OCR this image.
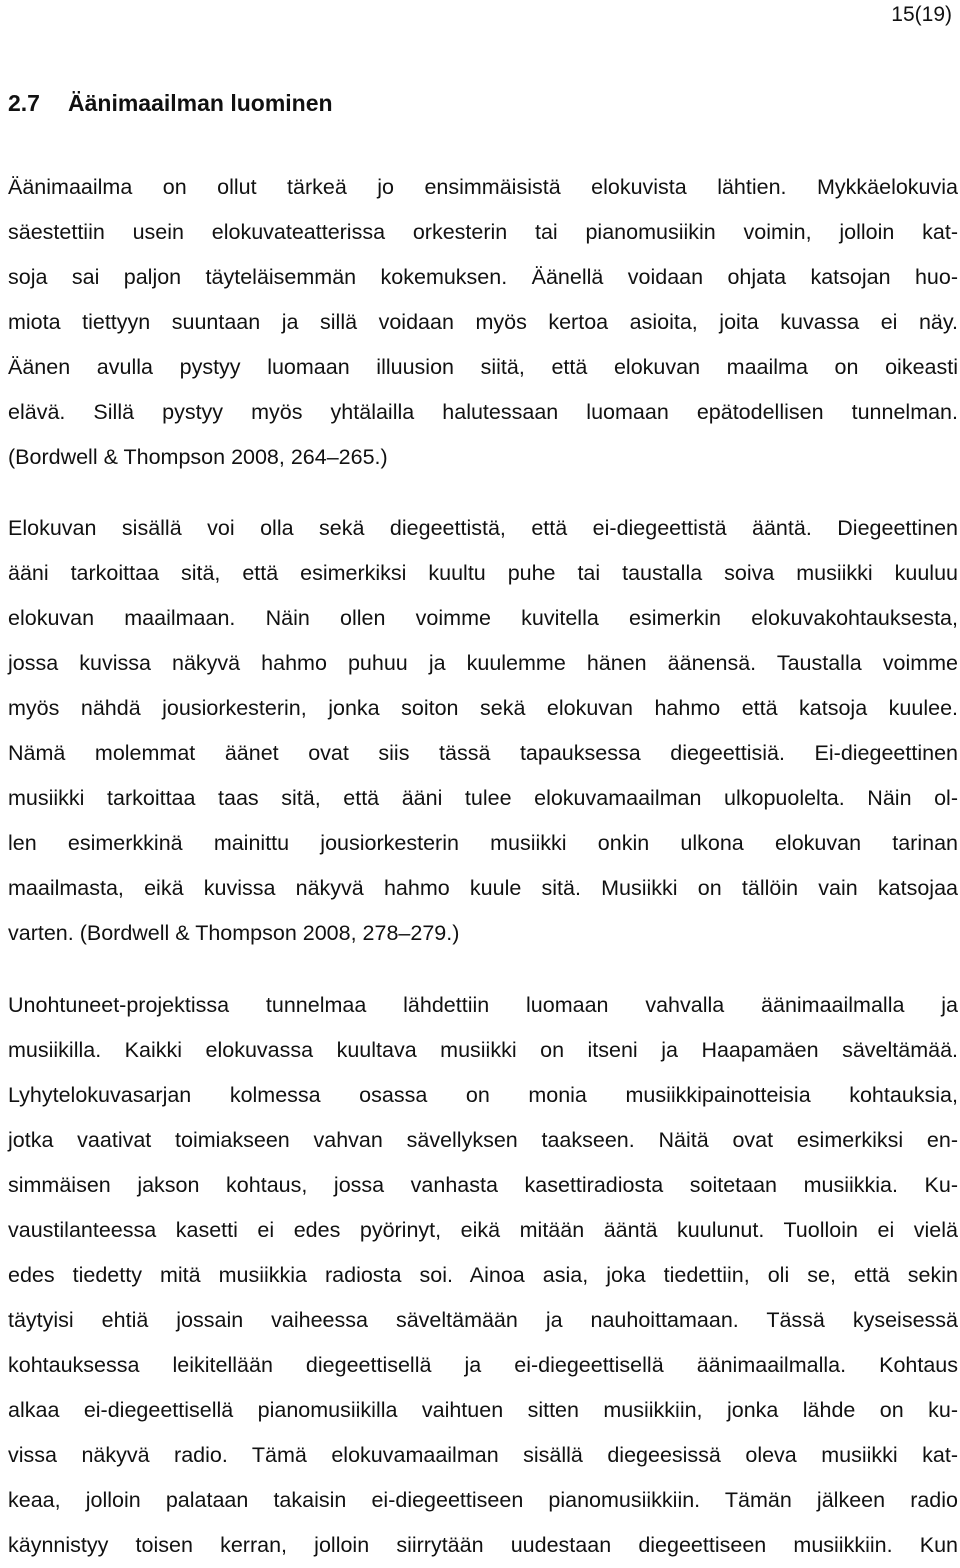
15(19)
2.7 Äänimaailman luominen
Äänimaailma on ollut tärkeä jo ensimmäisistä elokuvista lähtien. Mykkäelokuvia
säestettiin usein elokuvateatterissa orkesterin tai pianomusiikin voimin, jolloin kat-
soja sai paljon täyteläisemmän kokemuksen. Äänellä voidaan ohjata katsojan huo-
miota tiettyyn suuntaan ja sillä voidaan myös kertoa asioita, joita kuvassa ei näy.
Äänen avulla pystyy luomaan illuusion siitä, että elokuvan maailma on oikeasti
elävä. Sillä pystyy myös yhtälailla halutessaan luomaan epätodellisen tunnelman.
(Bordwell & Thompson 2008, 264–265.)
Elokuvan sisällä voi olla sekä diegeettistä, että ei-diegeettistä ääntä. Diegeettinen
ääni tarkoittaa sitä, että esimerkiksi kuultu puhe tai taustalla soiva musiikki kuuluu
elokuvan maailmaan. Näin ollen voimme kuvitella esimerkin elokuvakohtauksesta,
jossa kuvissa näkyvä hahmo puhuu ja kuulemme hänen äänensä. Taustalla voimme
myös nähdä jousiorkesterin, jonka soiton sekä elokuvan hahmo että katsoja kuulee.
Nämä molemmat äänet ovat siis tässä tapauksessa diegeettisiä. Ei-diegeettinen
musiikki tarkoittaa taas sitä, että ääni tulee elokuvamaailman ulkopuolelta. Näin ol-
len esimerkkinä mainittu jousiorkesterin musiikki onkin ulkona elokuvan tarinan
maailmasta, eikä kuvissa näkyvä hahmo kuule sitä. Musiikki on tällöin vain katsojaa
varten. (Bordwell & Thompson 2008, 278–279.)
Unohtuneet-projektissa tunnelmaa lähdettiin luomaan vahvalla äänimaailmalla ja
musiikilla. Kaikki elokuvassa kuultava musiikki on itseni ja Haapamäen säveltämää.
Lyhytelokuvasarjan kolmessa osassa on monia musiikkipainotteisia kohtauksia,
jotka vaativat toimiakseen vahvan sävellyksen taakseen. Näitä ovat esimerkiksi en-
simmäisen jakson kohtaus, jossa vanhasta kasettiradiosta soitetaan musiikkia. Ku-
vaustilanteessa kasetti ei edes pyörinyt, eikä mitään ääntä kuulunut. Tuolloin ei vielä
edes tiedetty mitä musiikkia radiosta soi. Ainoa asia, joka tiedettiin, oli se, että sekin
täytyisi ehtiä jossain vaiheessa säveltämään ja nauhoittamaan. Tässä kyseisessä
kohtauksessa leikitellään diegeettisellä ja ei-diegeettisellä äänimaailmalla. Kohtaus
alkaa ei-diegeettisellä pianomusiikilla vaihtuen sitten musiikkiin, jonka lähde on ku-
vissa näkyvä radio. Tämä elokuvamaailman sisällä diegeesissä oleva musiikki kat-
keaa, jolloin palataan takaisin ei-diegeettiseen pianomusiikkiin. Tämän jälkeen radio
käynnistyy toisen kerran, jolloin siirrytään uudestaan diegeettiseen musiikkiin. Kun
